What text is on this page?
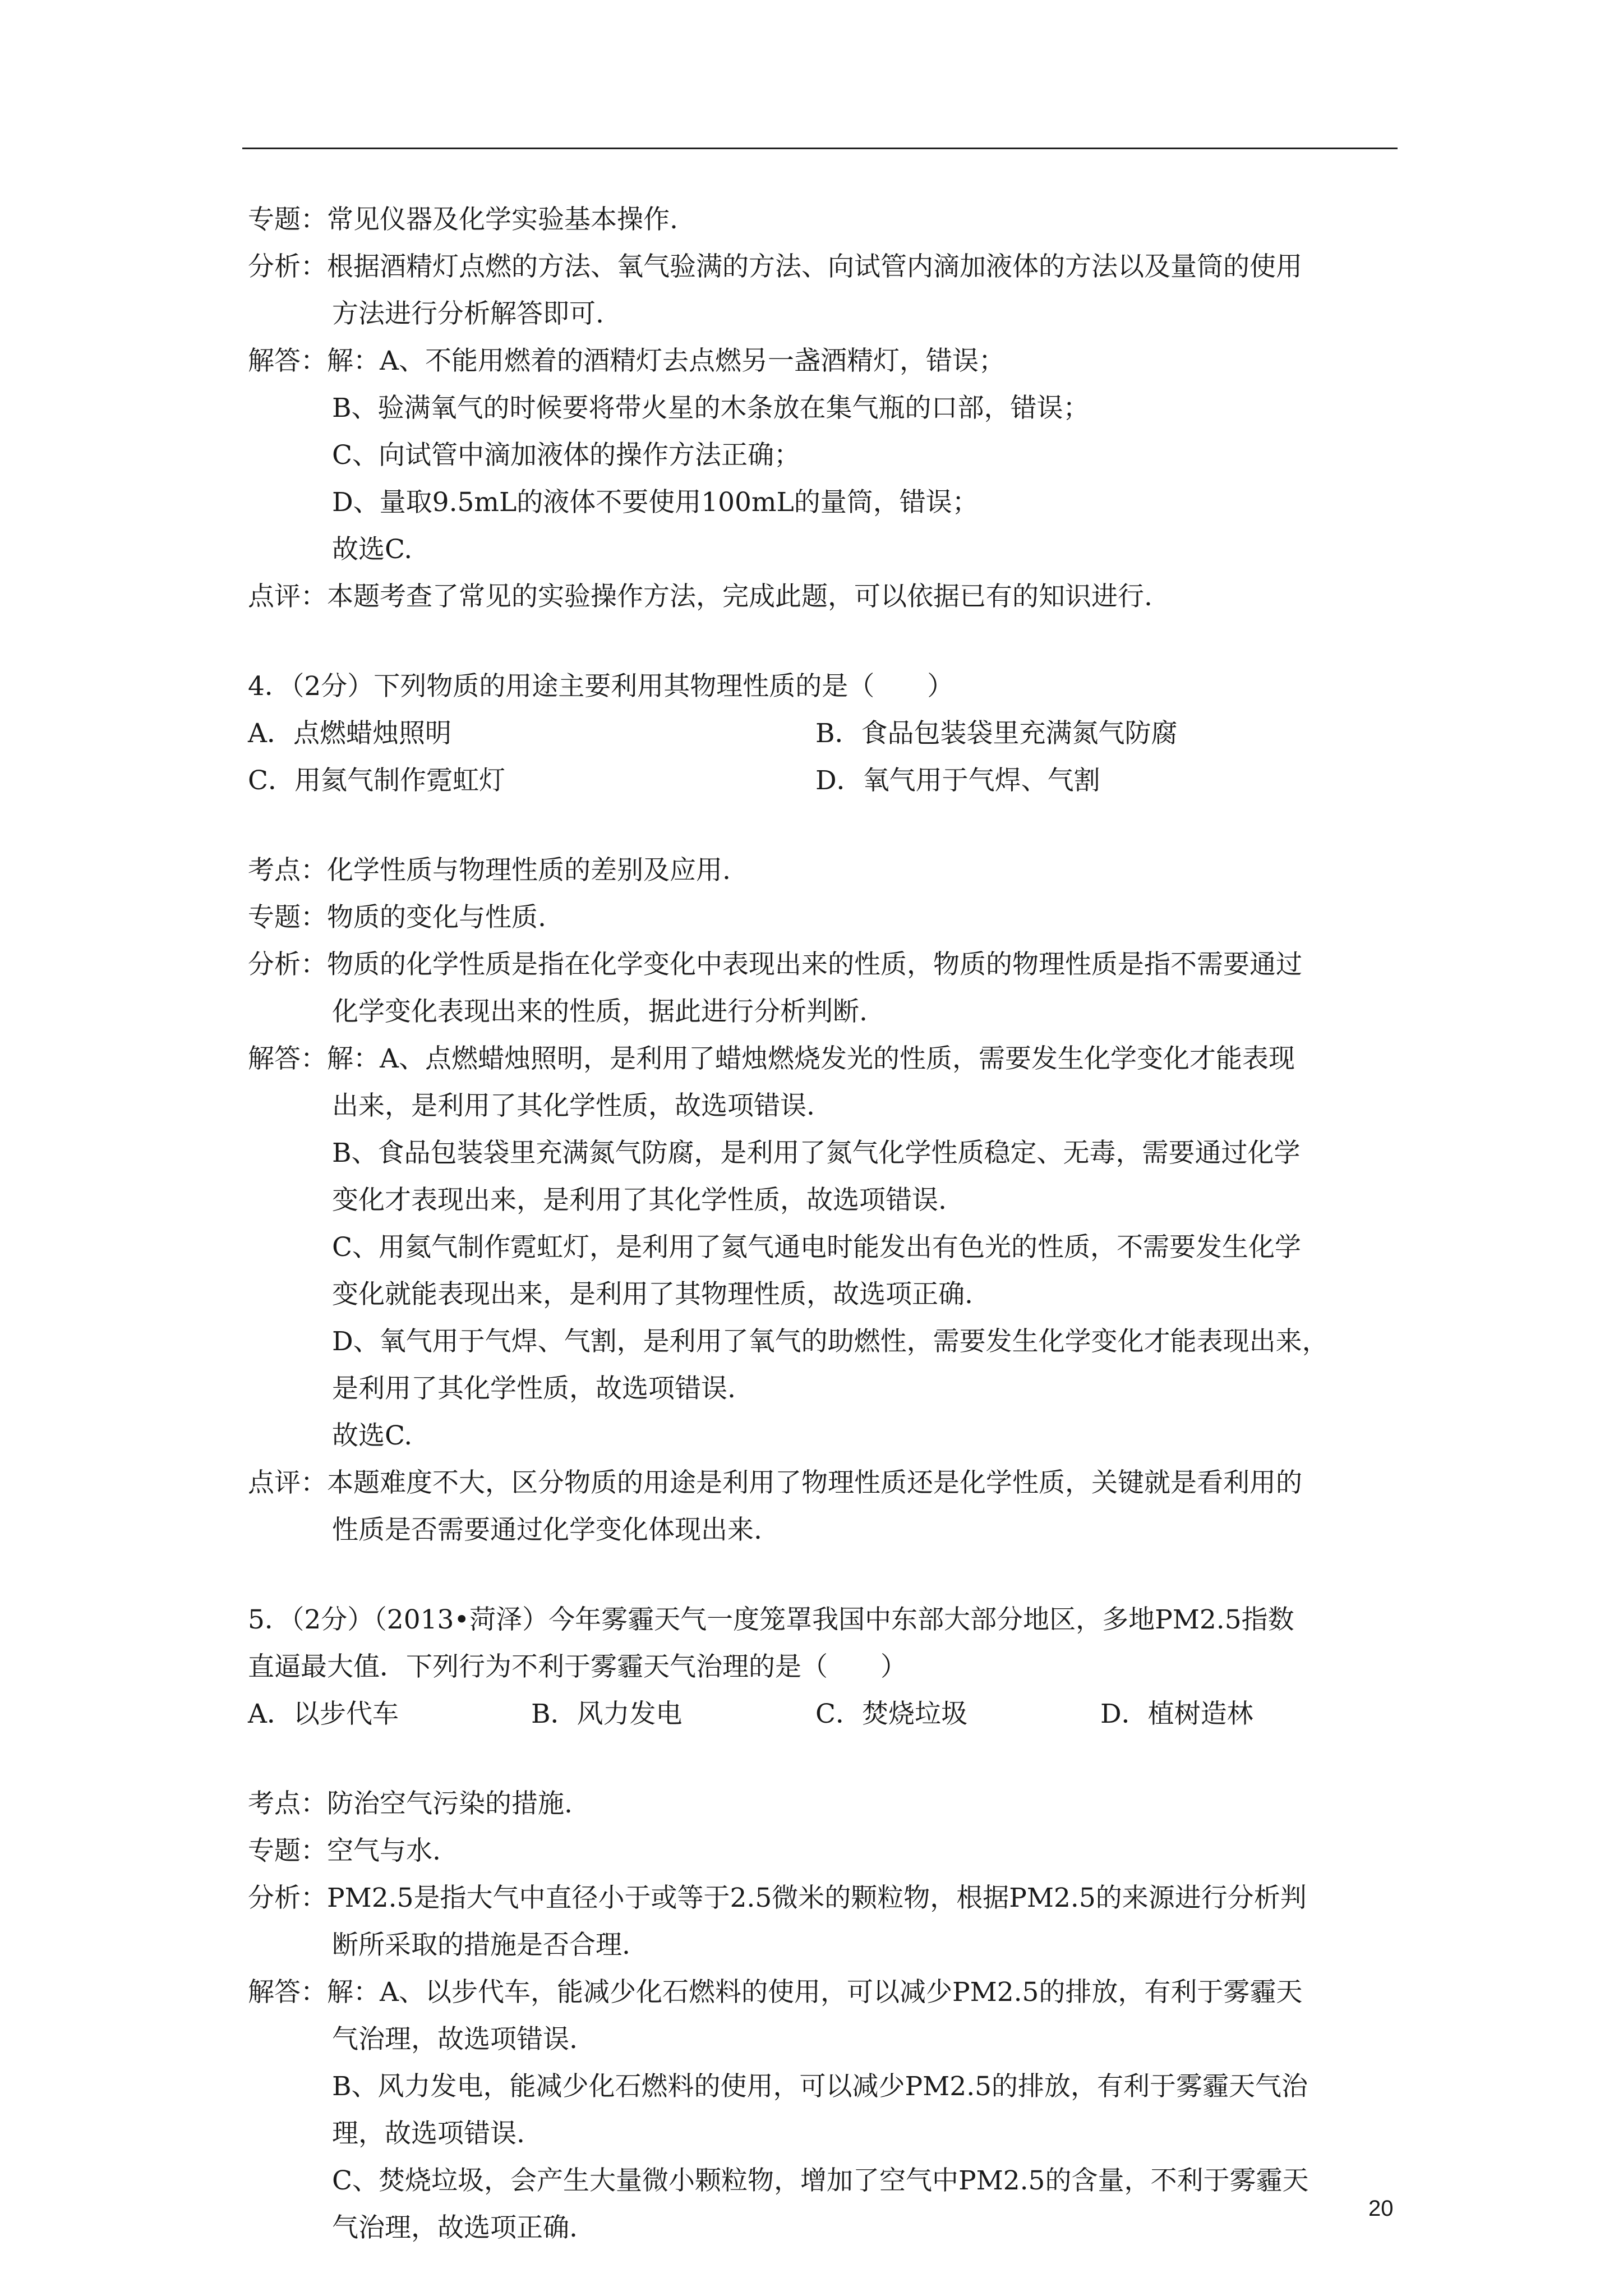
专题：常见仪器及化学实验基本操作.
分析：根据酒精灯点燃的方法、氧气验满的方法、向试管内滴加液体的方法以及量筒的使用
方法进行分析解答即可.
解答：解：A、不能用燃着的酒精灯去点燃另一盏酒精灯，错误；
B、验满氧气的时候要将带火星的木条放在集气瓶的口部，错误；
C、向试管中滴加液体的操作方法正确；
D、量取9.5mL的液体不要使用100mL的量筒，错误；
故选C.
点评：本题考查了常见的实验操作方法，完成此题，可以依据已有的知识进行.
4．（2分）下列物质的用途主要利用其物理性质的是（　　）
A．点燃蜡烛照明	B．食品包装袋里充满氮气防腐
C．用氦气制作霓虹灯	D．氧气用于气焊、气割
考点：化学性质与物理性质的差别及应用.
专题：物质的变化与性质.
分析：物质的化学性质是指在化学变化中表现出来的性质，物质的物理性质是指不需要通过
化学变化表现出来的性质，据此进行分析判断.
解答：解：A、点燃蜡烛照明，是利用了蜡烛燃烧发光的性质，需要发生化学变化才能表现
出来，是利用了其化学性质，故选项错误.
B、食品包装袋里充满氮气防腐，是利用了氮气化学性质稳定、无毒，需要通过化学
变化才表现出来，是利用了其化学性质，故选项错误.
C、用氦气制作霓虹灯，是利用了氦气通电时能发出有色光的性质，不需要发生化学
变化就能表现出来，是利用了其物理性质，故选项正确.
D、氧气用于气焊、气割，是利用了氧气的助燃性，需要发生化学变化才能表现出来，
是利用了其化学性质，故选项错误.
故选C.
点评：本题难度不大，区分物质的用途是利用了物理性质还是化学性质，关键就是看利用的
性质是否需要通过化学变化体现出来.
5．（2分）（2013•菏泽）今年雾霾天气一度笼罩我国中东部大部分地区，多地PM2.5指数
直逼最大值．下列行为不利于雾霾天气治理的是（　　）
A．以步代车	B．风力发电	C．焚烧垃圾	D．植树造林
考点：防治空气污染的措施.
专题：空气与水.
分析：PM2.5是指大气中直径小于或等于2.5微米的颗粒物，根据PM2.5的来源进行分析判
断所采取的措施是否合理.
解答：解：A、以步代车，能减少化石燃料的使用，可以减少PM2.5的排放，有利于雾霾天
气治理，故选项错误.
B、风力发电，能减少化石燃料的使用，可以减少PM2.5的排放，有利于雾霾天气治
理，故选项错误.
C、焚烧垃圾，会产生大量微小颗粒物，增加了空气中PM2.5的含量，不利于雾霾天
气治理，故选项正确.
20
